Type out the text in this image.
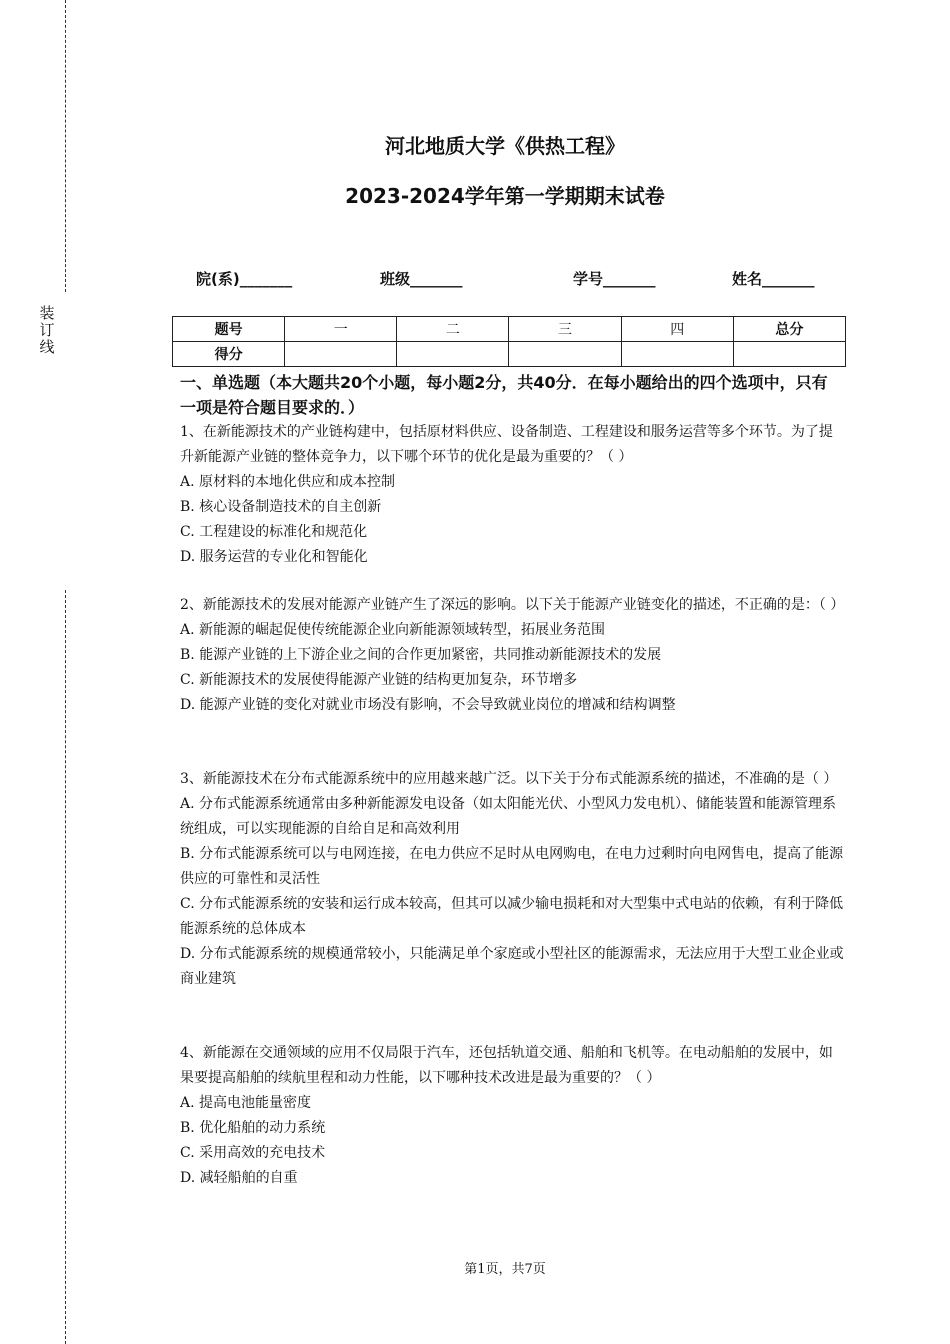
装
订
线
河北地质大学《供热工程》
2023-2024学年第一学期期末试卷
院(系)_______	班级_______	学号_______	姓名_______
题号	一	二	三	四	总分
得分					
一、单选题（本大题共20个小题，每小题2分，共40分．在每小题给出的四个选项中，只有一项是符合题目要求的．）

1、在新能源技术的产业链构建中，包括原材料供应、设备制造、工程建设和服务运营等多个环节。为了提升新能源产业链的整体竞争力，以下哪个环节的优化是最为重要的？（ ）

A. 原材料的本地化供应和成本控制

B. 核心设备制造技术的自主创新

C. 工程建设的标准化和规范化

D. 服务运营的专业化和智能化

2、新能源技术的发展对能源产业链产生了深远的影响。以下关于能源产业链变化的描述，不正确的是：（ ）

A. 新能源的崛起促使传统能源企业向新能源领域转型，拓展业务范围

B. 能源产业链的上下游企业之间的合作更加紧密，共同推动新能源技术的发展

C. 新能源技术的发展使得能源产业链的结构更加复杂，环节增多

D. 能源产业链的变化对就业市场没有影响，不会导致就业岗位的增减和结构调整

3、新能源技术在分布式能源系统中的应用越来越广泛。以下关于分布式能源系统的描述，不准确的是（ ）

A. 分布式能源系统通常由多种新能源发电设备（如太阳能光伏、小型风力发电机）、储能装置和能源管理系统组成，可以实现能源的自给自足和高效利用

B. 分布式能源系统可以与电网连接，在电力供应不足时从电网购电，在电力过剩时向电网售电，提高了能源供应的可靠性和灵活性

C. 分布式能源系统的安装和运行成本较高，但其可以减少输电损耗和对大型集中式电站的依赖，有利于降低能源系统的总体成本

D. 分布式能源系统的规模通常较小，只能满足单个家庭或小型社区的能源需求，无法应用于大型工业企业或商业建筑

4、新能源在交通领域的应用不仅局限于汽车，还包括轨道交通、船舶和飞机等。在电动船舶的发展中，如果要提高船舶的续航里程和动力性能，以下哪种技术改进是最为重要的？（ ）

A. 提高电池能量密度

B. 优化船舶的动力系统

C. 采用高效的充电技术

D. 减轻船舶的自重

第1页，共7页
